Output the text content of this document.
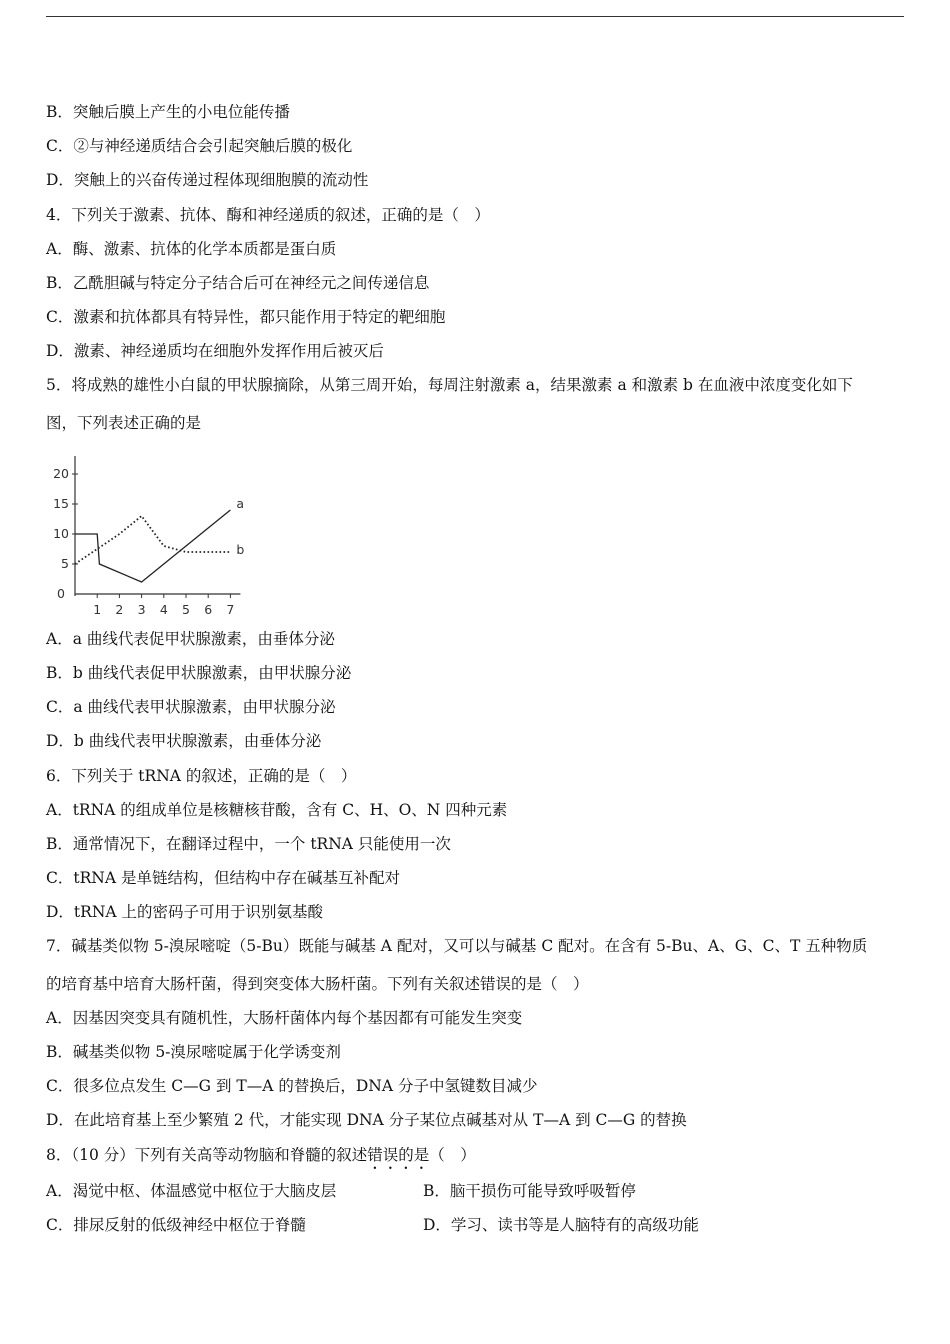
B．突触后膜上产生的小电位能传播
C．②与神经递质结合会引起突触后膜的极化
D．突触上的兴奋传递过程体现细胞膜的流动性
4．下列关于激素、抗体、酶和神经递质的叙述，正确的是（　）
A．酶、激素、抗体的化学本质都是蛋白质
B．乙酰胆碱与特定分子结合后可在神经元之间传递信息
C．激素和抗体都具有特异性，都只能作用于特定的靶细胞
D．激素、神经递质均在细胞外发挥作用后被灭后
5．将成熟的雄性小白鼠的甲状腺摘除，从第三周开始，每周注射激素 a，结果激素 a 和激素 b 在血液中浓度变化如下
图，下列表述正确的是
5
10
15
20
0
1 2 3 4 5 6 7
a
b
A．a 曲线代表促甲状腺激素，由垂体分泌
B．b 曲线代表促甲状腺激素，由甲状腺分泌
C．a 曲线代表甲状腺激素，由甲状腺分泌
D．b 曲线代表甲状腺激素，由垂体分泌
6．下列关于 tRNA 的叙述，正确的是（　）
A．tRNA 的组成单位是核糖核苷酸，含有 C、H、O、N 四种元素
B．通常情况下，在翻译过程中，一个 tRNA 只能使用一次
C．tRNA 是单链结构，但结构中存在碱基互补配对
D．tRNA 上的密码子可用于识别氨基酸
7．碱基类似物 5-溴尿嘧啶（5-Bu）既能与碱基 A 配对，又可以与碱基 C 配对。在含有 5-Bu、A、G、C、T 五种物质
的培育基中培育大肠杆菌，得到突变体大肠杆菌。下列有关叙述错误的是（　）
A．因基因突变具有随机性，大肠杆菌体内每个基因都有可能发生突变
B．碱基类似物 5-溴尿嘧啶属于化学诱变剂
C．很多位点发生 C—G 到 T—A 的替换后，DNA 分子中氢键数目减少
D．在此培育基上至少繁殖 2 代，才能实现 DNA 分子某位点碱基对从 T—A 到 C—G 的替换
8．（10 分）下列有关高等动物脑和脊髓的叙述错误的是（　）
A．渴觉中枢、体温感觉中枢位于大脑皮层	B．脑干损伤可能导致呼吸暂停
C．排尿反射的低级神经中枢位于脊髓	D．学习、读书等是人脑特有的高级功能
